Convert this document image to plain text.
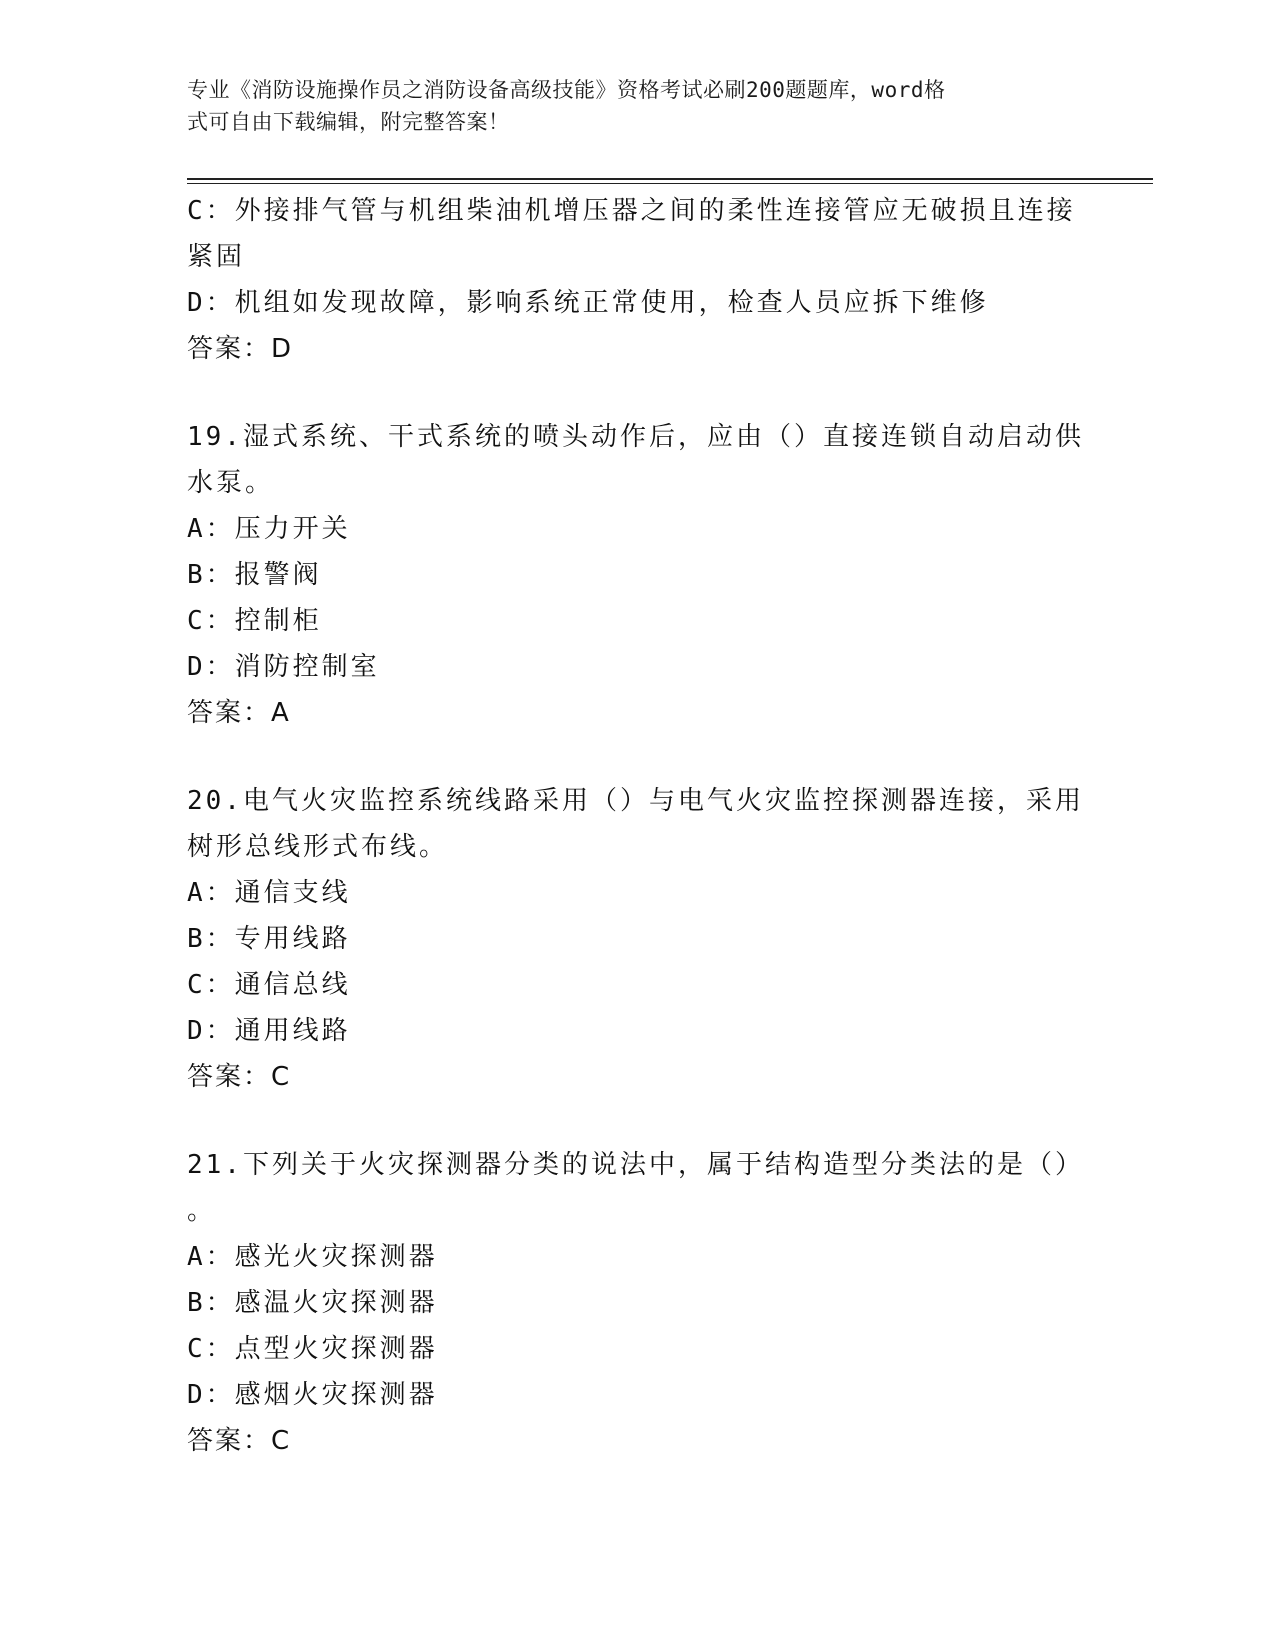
专业《消防设施操作员之消防设备高级技能》资格考试必刷200题题库，word格
式可自由下载编辑，附完整答案！
C：外接排气管与机组柴油机增压器之间的柔性连接管应无破损且连接
紧固
D：机组如发现故障，影响系统正常使用，检查人员应拆下维修
答案：D
19.湿式系统、干式系统的喷头动作后，应由（）直接连锁自动启动供
水泵。
A：压力开关
B：报警阀
C：控制柜
D：消防控制室
答案：A
20.电气火灾监控系统线路采用（）与电气火灾监控探测器连接，采用
树形总线形式布线。
A：通信支线
B：专用线路
C：通信总线
D：通用线路
答案：C
21.下列关于火灾探测器分类的说法中，属于结构造型分类法的是（）
。
A：感光火灾探测器
B：感温火灾探测器
C：点型火灾探测器
D：感烟火灾探测器
答案：C
